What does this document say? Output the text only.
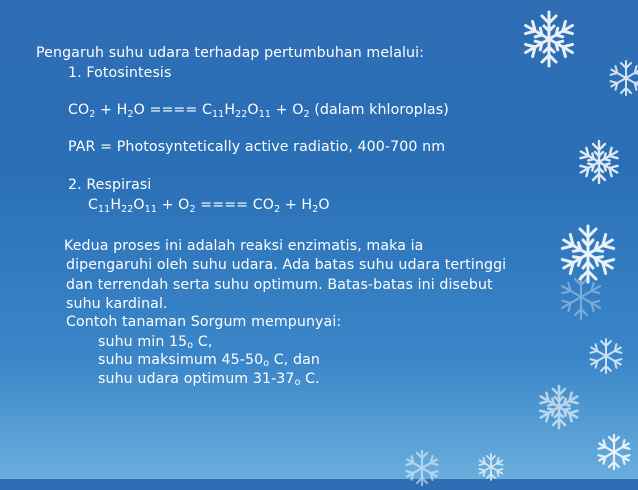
Pengaruh suhu udara terhadap pertumbuhan melalui:
1. Fotosintesis
$CO_2 + H_2O$ ==== $C_{11}H_{22}O_{11} + O_2$ (dalam khloroplas)
PAR = Photosyntetically active radiatio, 400-700 nm
2. Respirasi
$C_{11}H_{22}O_{11} + O_2$ ==== $CO_2 + H_2O$
Kedua proses ini adalah reaksi enzimatis, maka ia
dipengaruhi oleh suhu udara. Ada batas suhu udara tertinggi
dan terrendah serta suhu optimum. Batas-batas ini disebut
suhu kardinal.
Contoh tanaman Sorgum mempunyai:
suhu min 15$^o$ C,
suhu maksimum 45-50$^o$ C, dan
suhu udara optimum 31-37$^o$ C.
